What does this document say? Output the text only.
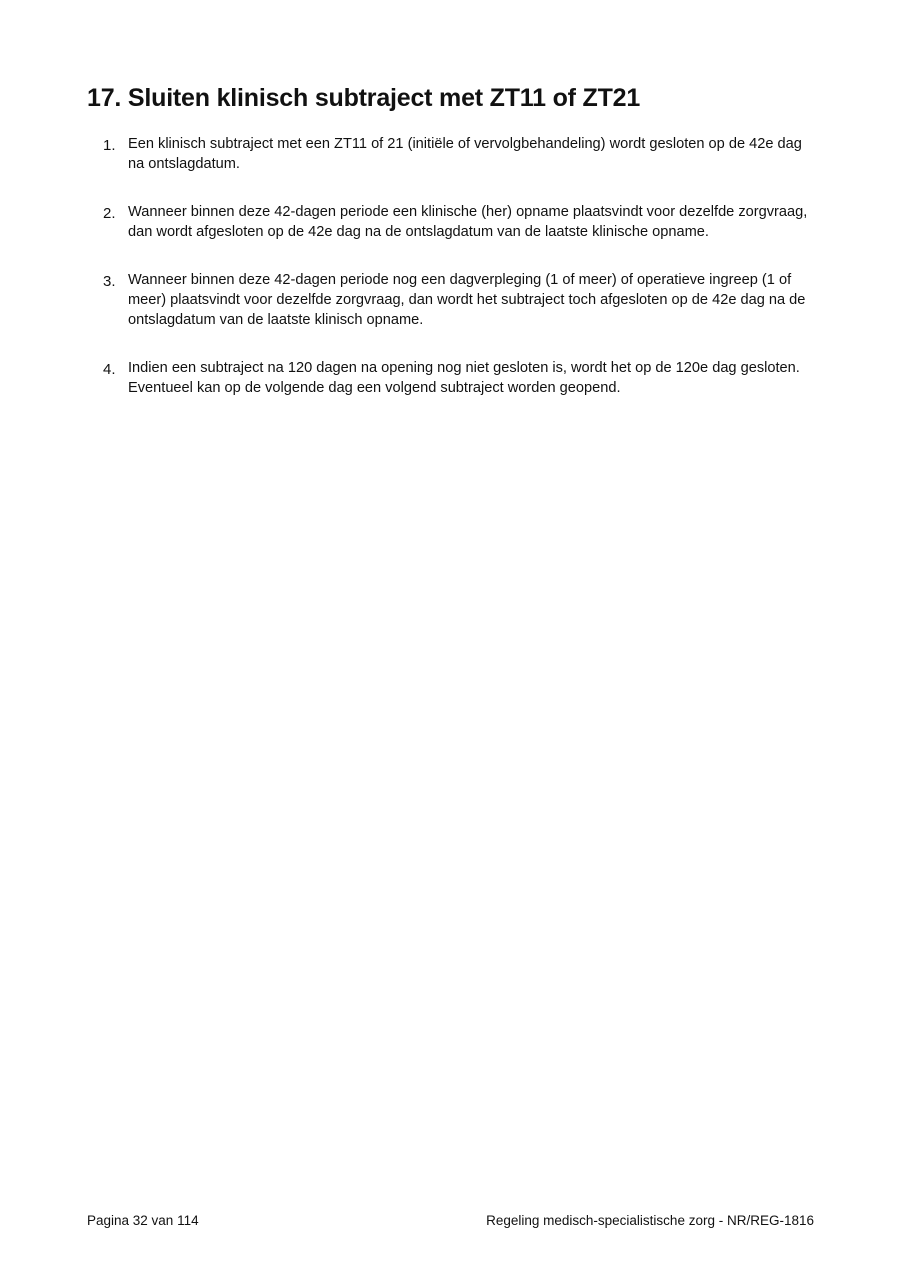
17. Sluiten klinisch subtraject met ZT11 of ZT21
1. Een klinisch subtraject met een ZT11 of 21 (initiële of vervolgbehandeling) wordt gesloten op de 42e dag na ontslagdatum.
2. Wanneer binnen deze 42-dagen periode een klinische (her) opname plaatsvindt voor dezelfde zorgvraag, dan wordt afgesloten op de 42e dag na de ontslagdatum van de laatste klinische opname.
3. Wanneer binnen deze 42-dagen periode nog een dagverpleging (1 of meer) of operatieve ingreep (1 of meer) plaatsvindt voor dezelfde zorgvraag, dan wordt het subtraject toch afgesloten op de 42e dag na de ontslagdatum van de laatste klinisch opname.
4. Indien een subtraject na 120 dagen na opening nog niet gesloten is, wordt het op de 120e dag gesloten. Eventueel kan op de volgende dag een volgend subtraject worden geopend.
Pagina 32 van 114	Regeling medisch-specialistische zorg - NR/REG-1816
